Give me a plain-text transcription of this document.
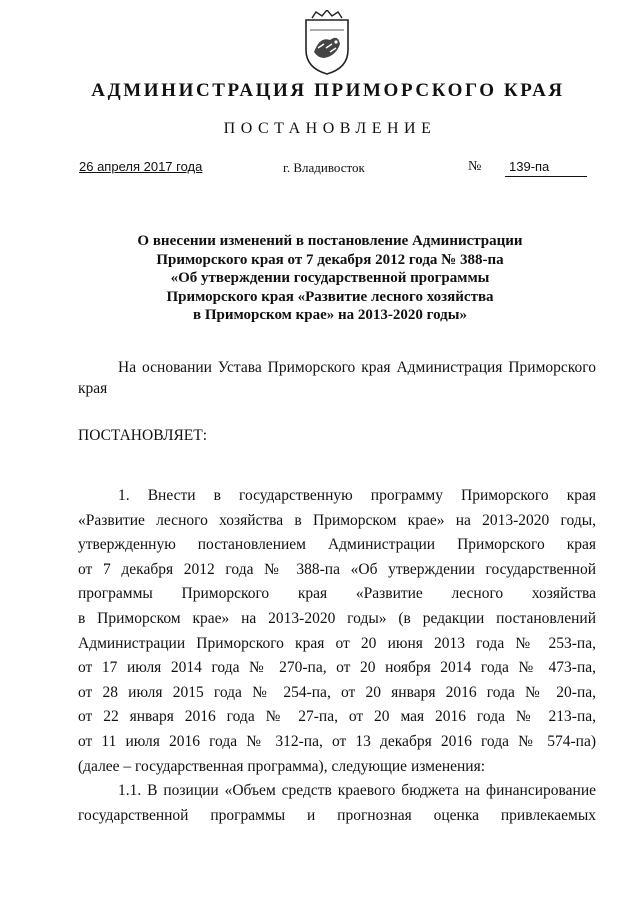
АДМИНИСТРАЦИЯ ПРИМОРСКОГО КРАЯ
ПОСТАНОВЛЕНИЕ
26 апреля 2017 года	г. Владивосток	№	139-па
О внесении изменений в постановление Администрации
Приморского края от 7 декабря 2012 года № 388-па
«Об утверждении государственной программы
Приморского края «Развитие лесного хозяйства
в Приморском крае» на 2013-2020 годы»
На основании Устава Приморского края Администрация Приморского
края
ПОСТАНОВЛЯЕТ:
1. Внести в государственную программу Приморского края
«Развитие лесного хозяйства в Приморском крае» на 2013-2020 годы,
утвержденную постановлением Администрации Приморского края
от 7 декабря 2012 года № 388-па «Об утверждении государственной
программы Приморского края «Развитие лесного хозяйства
в Приморском крае» на 2013-2020 годы» (в редакции постановлений
Администрации Приморского края от 20 июня 2013 года № 253-па,
от 17 июля 2014 года № 270-па, от 20 ноября 2014 года № 473-па,
от 28 июля 2015 года № 254-па, от 20 января 2016 года № 20-па,
от 22 января 2016 года № 27-па, от 20 мая 2016 года № 213-па,
от 11 июля 2016 года № 312-па, от 13 декабря 2016 года № 574-па)
(далее – государственная программа), следующие изменения:
1.1. В позиции «Объем средств краевого бюджета на финансирование
государственной программы и прогнозная оценка привлекаемых
